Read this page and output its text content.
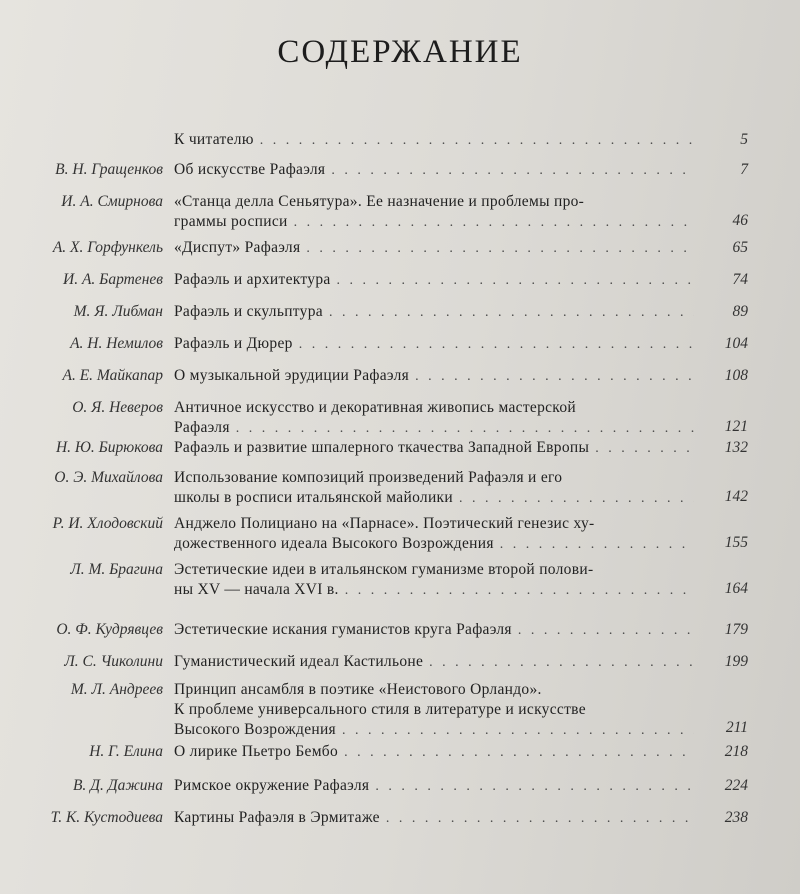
СОДЕРЖАНИЕ
К читателю . . .	5
В. Н. Гращенков Об искусстве Рафаэля . . .	7
И. А. Смирнова «Станца делла Сеньятура». Ее назначение и проблемы про-
граммы росписи . . .	46
А. Х. Горфункель «Диспут» Рафаэля . . .	65
И. А. Бартенев Рафаэль и архитектура . . .	74
М. Я. Либман Рафаэль и скульптура . . .	89
А. Н. Немилов Рафаэль и Дюрер . . .	104
А. Е. Майкапар О музыкальной эрудиции Рафаэля . . .	108
О. Я. Неверов Античное искусство и декоративная живопись мастерской
Рафаэля . . .	121
Н. Ю. Бирюкова Рафаэль и развитие шпалерного ткачества Западной Европы . . .	132
О. Э. Михайлова Использование композиций произведений Рафаэля и его
школы в росписи итальянской майолики . . .	142
Р. И. Хлодовский Анджело Полициано на «Парнасе». Поэтический генезис ху-
дожественного идеала Высокого Возрождения . . .	155
Л. М. Брагина Эстетические идеи в итальянском гуманизме второй полови-
ны XV — начала XVI в. . . .	164
О. Ф. Кудрявцев Эстетические искания гуманистов круга Рафаэля . . .	179
Л. С. Чиколини Гуманистический идеал Кастильоне . . .	199
М. Л. Андреев Принцип ансамбля в поэтике «Неистового Орландо».
К проблеме универсального стиля в литературе и искусстве
Высокого Возрождения . . .	211
Н. Г. Елина О лирике Пьетро Бембо . . .	218
В. Д. Дажина Римское окружение Рафаэля . . .	224
Т. К. Кустодиева Картины Рафаэля в Эрмитаже . . .	238
